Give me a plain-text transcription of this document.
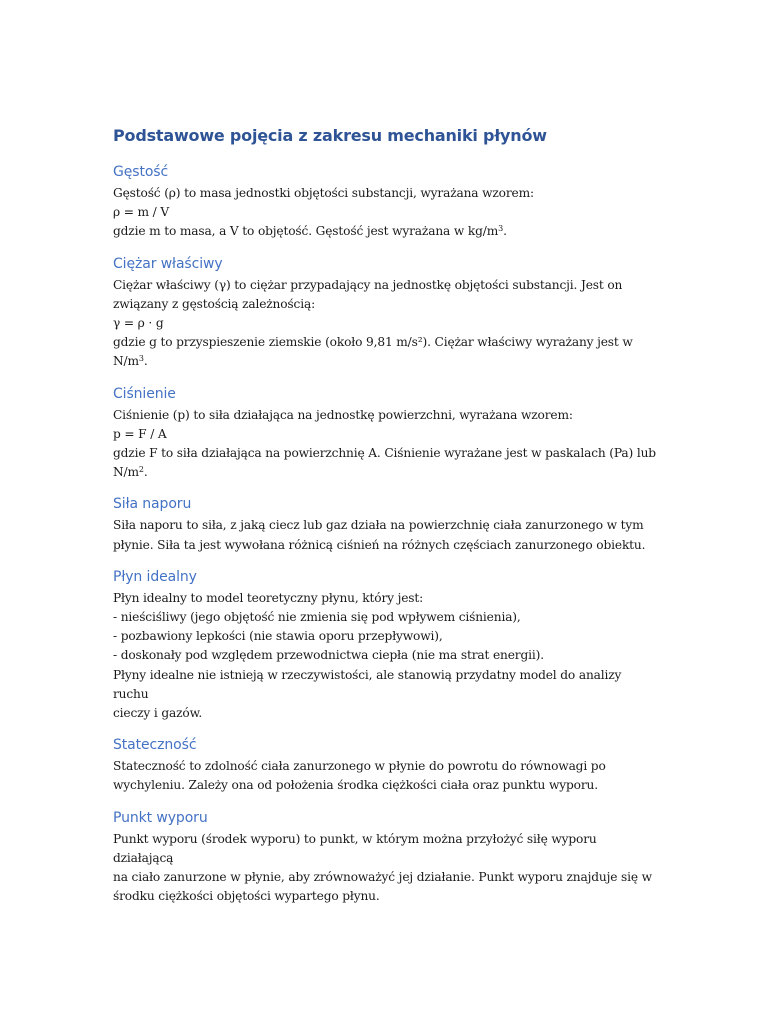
Podstawowe pojęcia z zakresu mechaniki płynów
Gęstość

Gęstość (ρ) to masa jednostki objętości substancji, wyrażana wzorem:
ρ = m / V
gdzie m to masa, a V to objętość. Gęstość jest wyrażana w $kg/m^3$.

Ciężar właściwy

Ciężar właściwy (γ) to ciężar przypadający na jednostkę objętości substancji. Jest on
związany z gęstością zależnością:
γ = ρ · g
gdzie g to przyspieszenie ziemskie (około 9,81 m/s²). Ciężar właściwy wyrażany jest w
$N/m^3$.

Ciśnienie

Ciśnienie (p) to siła działająca na jednostkę powierzchni, wyrażana wzorem:
p = F / A
gdzie F to siła działająca na powierzchnię A. Ciśnienie wyrażane jest w paskalach (Pa) lub
$N/m^2$.

Siła naporu

Siła naporu to siła, z jaką ciecz lub gaz działa na powierzchnię ciała zanurzonego w tym
płynie. Siła ta jest wywołana różnicą ciśnień na różnych częściach zanurzonego obiektu.

Płyn idealny

Płyn idealny to model teoretyczny płynu, który jest:
- nieściśliwy (jego objętość nie zmienia się pod wpływem ciśnienia),
- pozbawiony lepkości (nie stawia oporu przepływowi),
- doskonały pod względem przewodnictwa ciepła (nie ma strat energii).
Płyny idealne nie istnieją w rzeczywistości, ale stanowią przydatny model do analizy ruchu
cieczy i gazów.

Stateczność

Stateczność to zdolność ciała zanurzonego w płynie do powrotu do równowagi po
wychyleniu. Zależy ona od położenia środka ciężkości ciała oraz punktu wyporu.

Punkt wyporu

Punkt wyporu (środek wyporu) to punkt, w którym można przyłożyć siłę wyporu działającą
na ciało zanurzone w płynie, aby zrównoważyć jej działanie. Punkt wyporu znajduje się w
środku ciężkości objętości wypartego płynu.
